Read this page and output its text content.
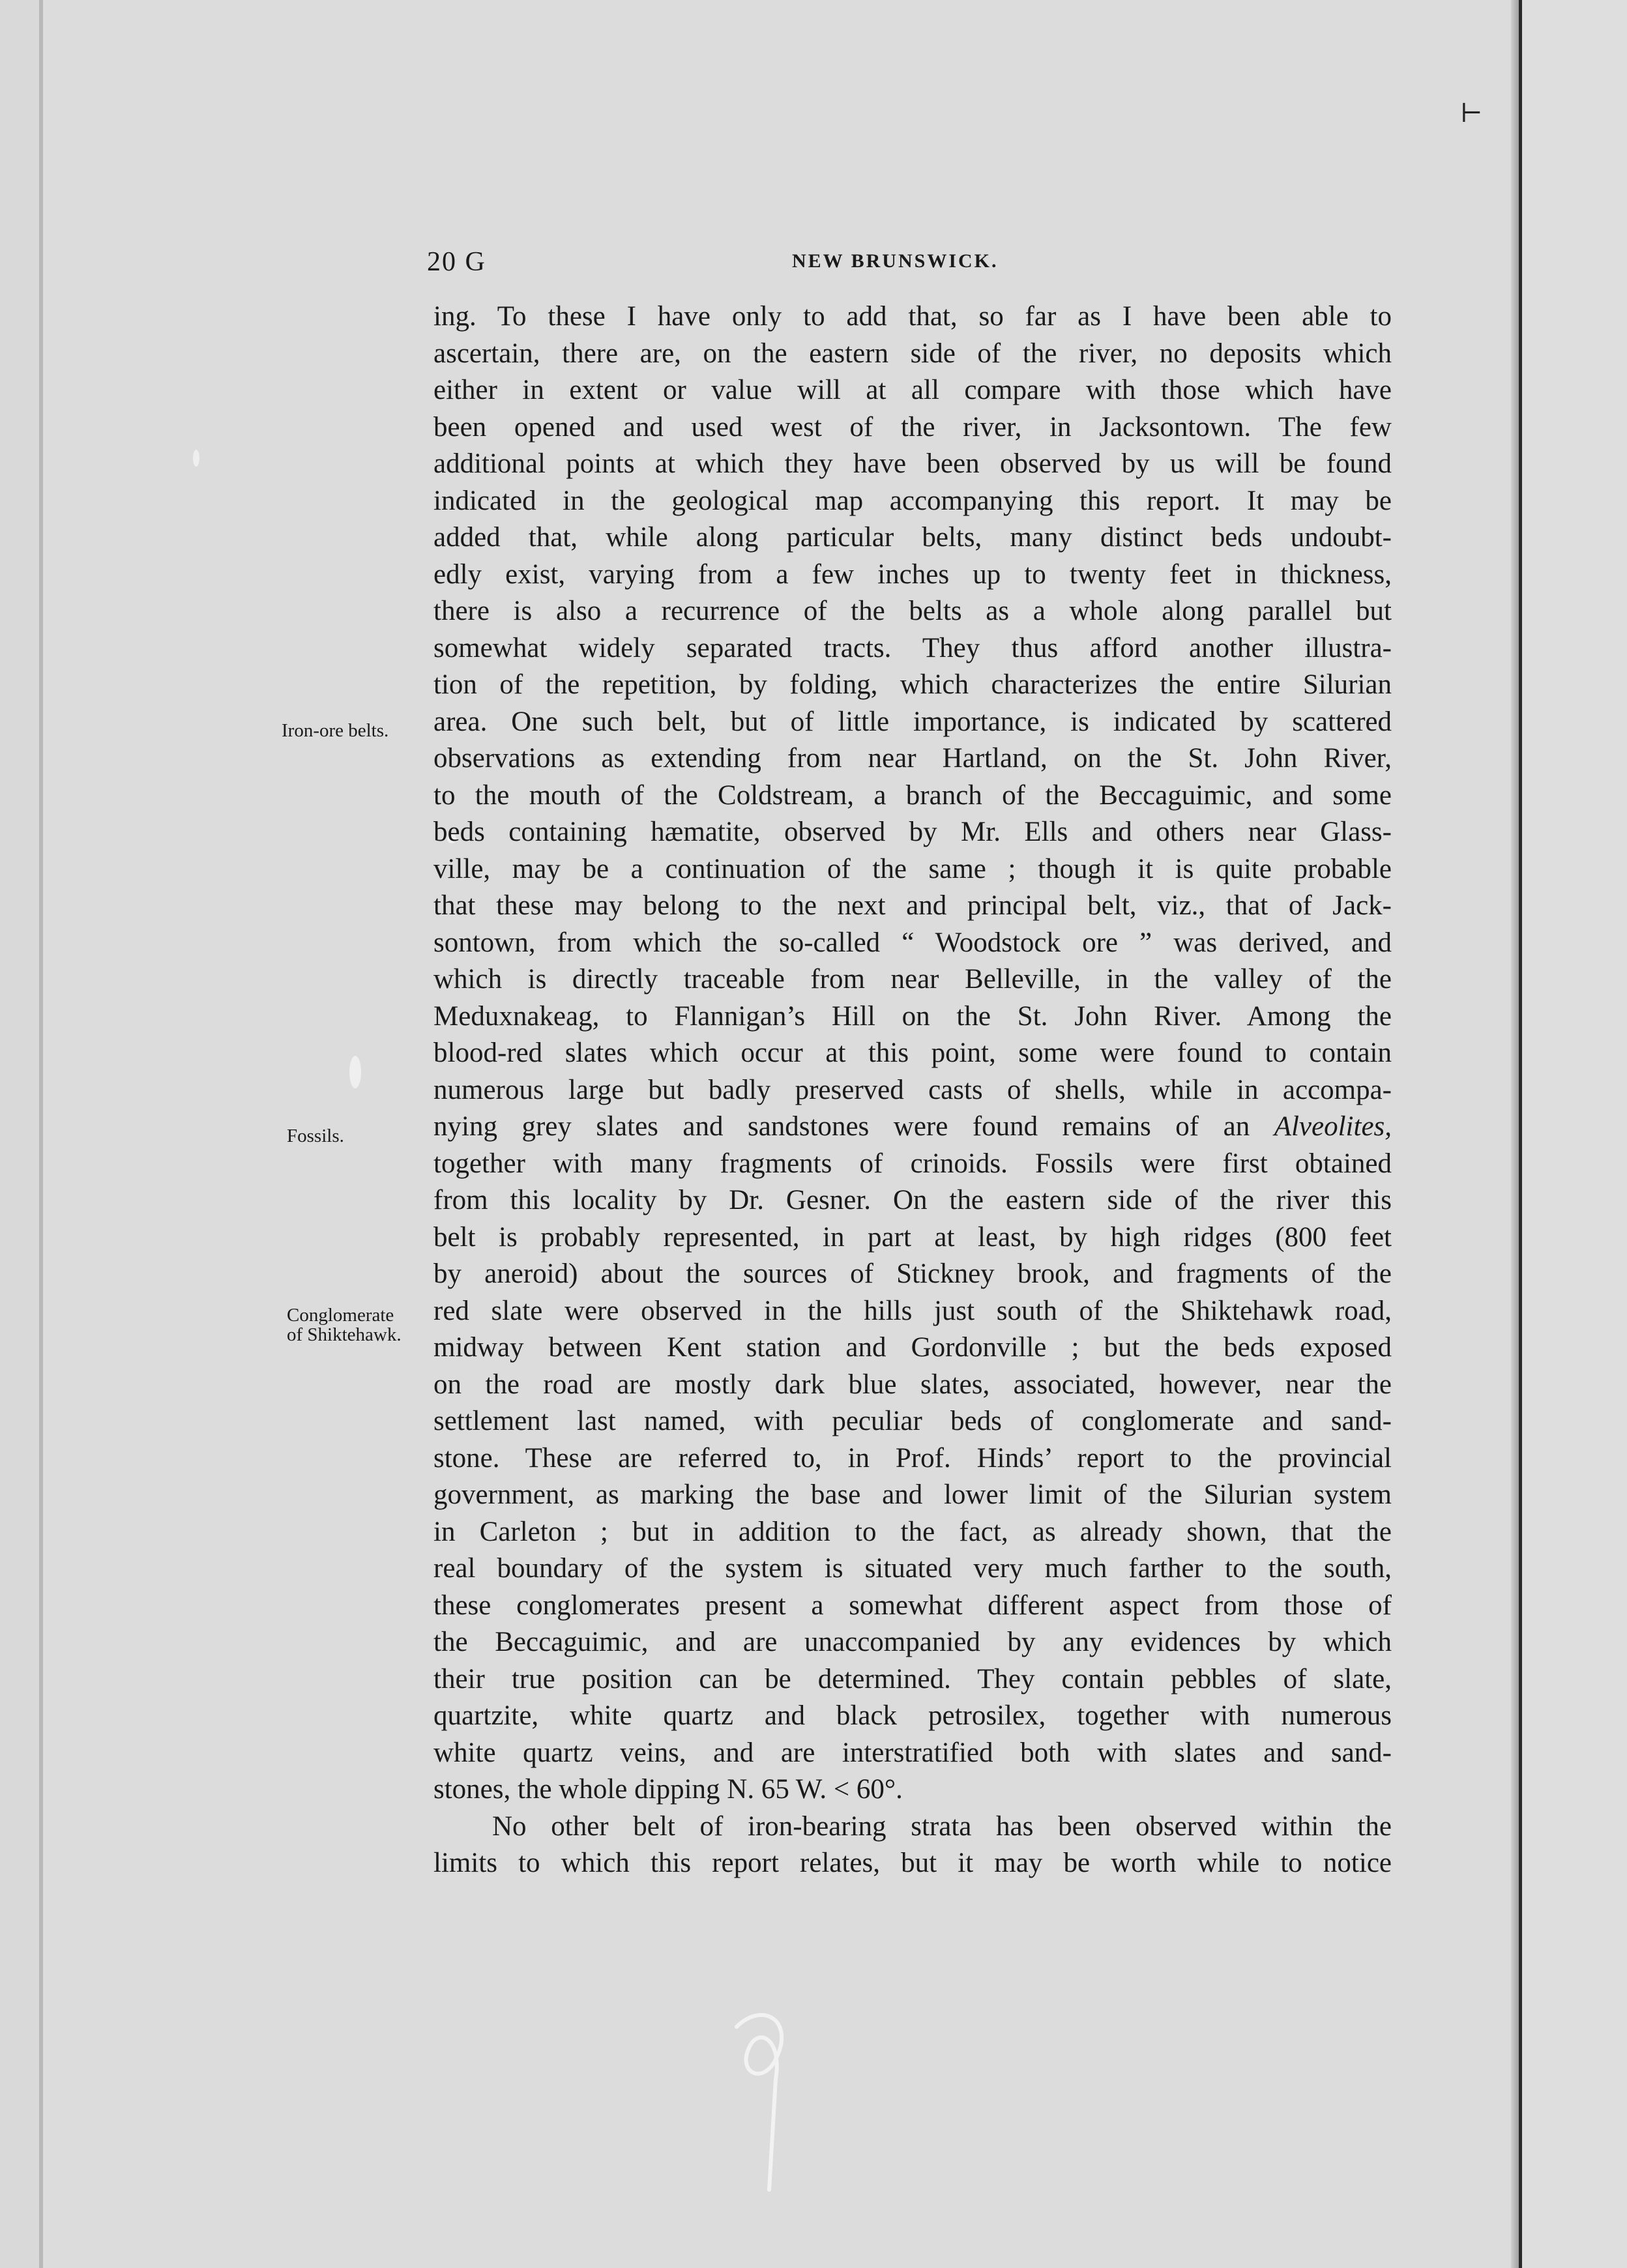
20 G	NEW BRUNSWICK.
Iron-ore belts.
Fossils.
Conglomerate
of Shiktehawk.
ing. To these I have only to add that, so far as I have been able to
ascertain, there are, on the eastern side of the river, no deposits which
either in extent or value will at all compare with those which have
been opened and used west of the river, in Jacksontown. The few
additional points at which they have been observed by us will be found
indicated in the geological map accompanying this report. It may be
added that, while along particular belts, many distinct beds undoubt-
edly exist, varying from a few inches up to twenty feet in thickness,
there is also a recurrence of the belts as a whole along parallel but
somewhat widely separated tracts. They thus afford another illustra-
tion of the repetition, by folding, which characterizes the entire Silurian
area. One such belt, but of little importance, is indicated by scattered
observations as extending from near Hartland, on the St. John River,
to the mouth of the Coldstream, a branch of the Beccaguimic, and some
beds containing hæmatite, observed by Mr. Ells and others near Glass-
ville, may be a continuation of the same ; though it is quite probable
that these may belong to the next and principal belt, viz., that of Jack-
sontown, from which the so-called “ Woodstock ore ” was derived, and
which is directly traceable from near Belleville, in the valley of the
Meduxnakeag, to Flannigan’s Hill on the St. John River. Among the
blood-red slates which occur at this point, some were found to contain
numerous large but badly preserved casts of shells, while in accompa-
nying grey slates and sandstones were found remains of an Alveolites,
together with many fragments of crinoids. Fossils were first obtained
from this locality by Dr. Gesner. On the eastern side of the river this
belt is probably represented, in part at least, by high ridges (800 feet
by aneroid) about the sources of Stickney brook, and fragments of the
red slate were observed in the hills just south of the Shiktehawk road,
midway between Kent station and Gordonville ; but the beds exposed
on the road are mostly dark blue slates, associated, however, near the
settlement last named, with peculiar beds of conglomerate and sand-
stone. These are referred to, in Prof. Hinds’ report to the provincial
government, as marking the base and lower limit of the Silurian system
in Carleton ; but in addition to the fact, as already shown, that the
real boundary of the system is situated very much farther to the south,
these conglomerates present a somewhat different aspect from those of
the Beccaguimic, and are unaccompanied by any evidences by which
their true position can be determined. They contain pebbles of slate,
quartzite, white quartz and black petrosilex, together with numerous
white quartz veins, and are interstratified both with slates and sand-
stones, the whole dipping N. 65 W. < 60°.
No other belt of iron-bearing strata has been observed within the
limits to which this report relates, but it may be worth while to notice
⊢
